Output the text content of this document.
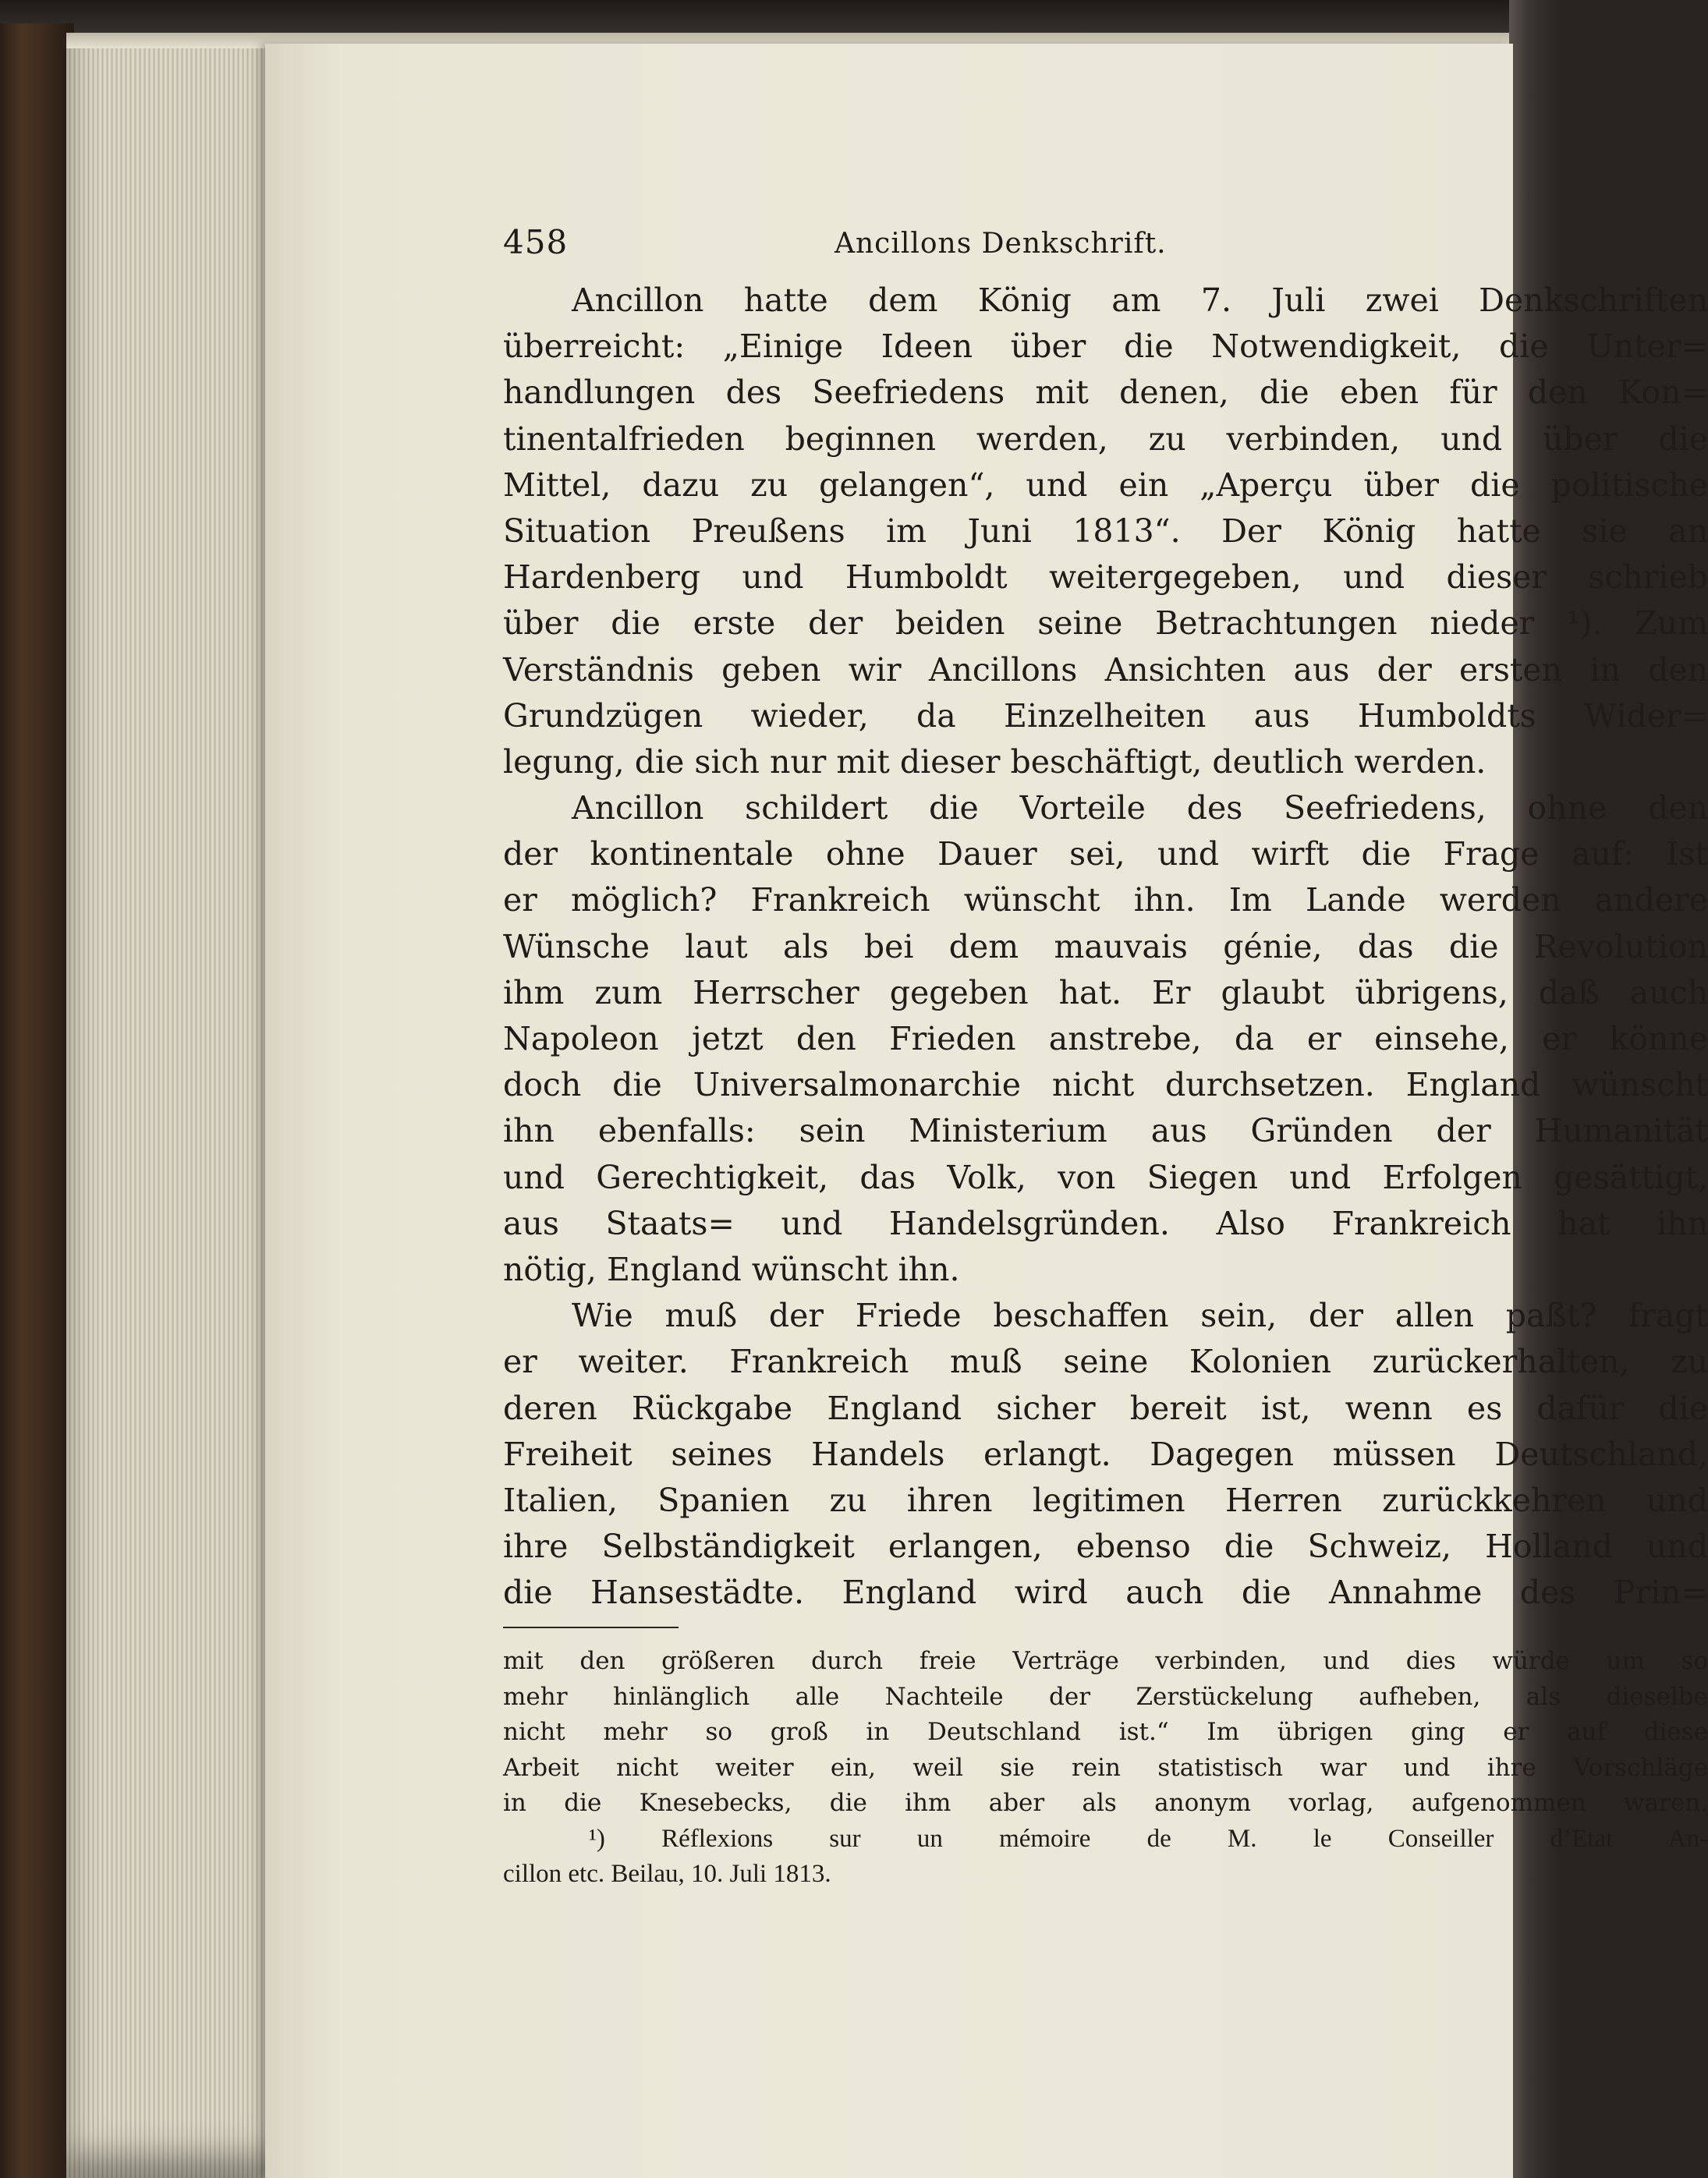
458	Ancillons Denkschrift.
Ancillon hatte dem König am 7. Juli zwei Denkschriften
überreicht: „Einige Ideen über die Notwendigkeit, die Unter=
handlungen des Seefriedens mit denen, die eben für den Kon=
tinentalfrieden beginnen werden, zu verbinden, und über die
Mittel, dazu zu gelangen“, und ein „Aperçu über die politische
Situation Preußens im Juni 1813“. Der König hatte sie an
Hardenberg und Humboldt weitergegeben, und dieser schrieb
über die erste der beiden seine Betrachtungen nieder ¹). Zum
Verständnis geben wir Ancillons Ansichten aus der ersten in den
Grundzügen wieder, da Einzelheiten aus Humboldts Wider=
legung, die sich nur mit dieser beschäftigt, deutlich werden.
Ancillon schildert die Vorteile des Seefriedens, ohne den
der kontinentale ohne Dauer sei, und wirft die Frage auf: Ist
er möglich? Frankreich wünscht ihn. Im Lande werden andere
Wünsche laut als bei dem mauvais génie, das die Revolution
ihm zum Herrscher gegeben hat. Er glaubt übrigens, daß auch
Napoleon jetzt den Frieden anstrebe, da er einsehe, er könne
doch die Universalmonarchie nicht durchsetzen. England wünscht
ihn ebenfalls: sein Ministerium aus Gründen der Humanität
und Gerechtigkeit, das Volk, von Siegen und Erfolgen gesättigt,
aus Staats= und Handelsgründen. Also Frankreich hat ihn
nötig, England wünscht ihn.
Wie muß der Friede beschaffen sein, der allen paßt? fragt
er weiter. Frankreich muß seine Kolonien zurückerhalten, zu
deren Rückgabe England sicher bereit ist, wenn es dafür die
Freiheit seines Handels erlangt. Dagegen müssen Deutschland,
Italien, Spanien zu ihren legitimen Herren zurückkehren und
ihre Selbständigkeit erlangen, ebenso die Schweiz, Holland und
die Hansestädte. England wird auch die Annahme des Prin=
mit den größeren durch freie Verträge verbinden, und dies würde um so
mehr hinlänglich alle Nachteile der Zerstückelung aufheben, als dieselbe
nicht mehr so groß in Deutschland ist.“ Im übrigen ging er auf diese
Arbeit nicht weiter ein, weil sie rein statistisch war und ihre Vorschläge
in die Knesebecks, die ihm aber als anonym vorlag, aufgenommen waren.
¹) Réflexions sur un mémoire de M. le Conseiller d’Etat An-
cillon etc. Beilau, 10. Juli 1813.
